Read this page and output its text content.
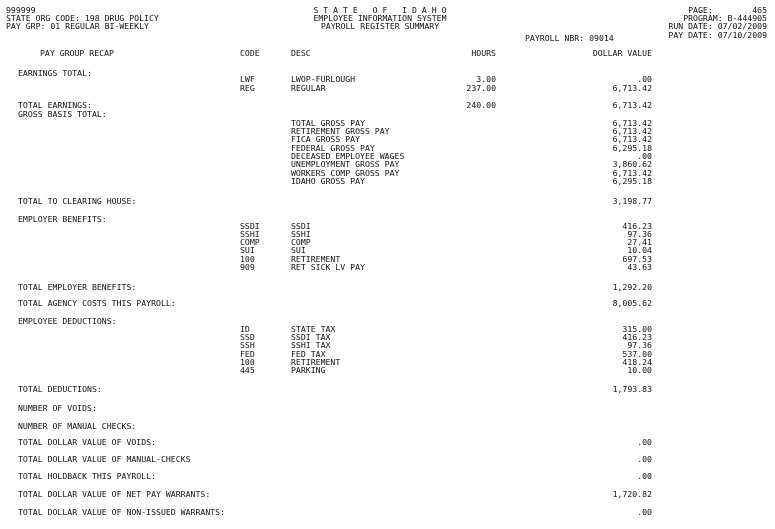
999999
STATE ORG CODE: 198 DRUG POLICY
PAY GRP: 01 REGULAR BI-WEEKLY
S T A T E   O F   I D A H O
EMPLOYEE INFORMATION SYSTEM
PAYROLL REGISTER SUMMARY
PAGE:        465
PROGRAM: B-444905
RUN DATE: 07/02/2009
PAY DATE: 07/10/2009
PAYROLL NBR: 09014
PAY GROUP RECAP	CODE	DESC	HOURS	DOLLAR VALUE
EARNINGS TOTAL:
LWF	LWOP-FURLOUGH	3.00	.00
REG	REGULAR	237.00	6,713.42
TOTAL EARNINGS:	240.00	6,713.42
GROSS BASIS TOTAL:
TOTAL GROSS PAY	6,713.42
RETIREMENT GROSS PAY	6,713.42
FICA GROSS PAY	6,713.42
FEDERAL GROSS PAY	6,295.18
DECEASED EMPLOYEE WAGES	.00
UNEMPLOYMENT GROSS PAY	3,860.62
WORKERS COMP GROSS PAY	6,713.42
IDAHO GROSS PAY	6,295.18
TOTAL TO CLEARING HOUSE:	3,198.77
EMPLOYER BENEFITS:
SSDI	SSDI	416.23
SSHI	SSHI	97.36
COMP	COMP	27.41
SUI	SUI	10.04
100	RETIREMENT	697.53
909	RET SICK LV PAY	43.63
TOTAL EMPLOYER BENEFITS:	1,292.20
TOTAL AGENCY COSTS THIS PAYROLL:	8,005.62
EMPLOYEE DEDUCTIONS:
ID	STATE TAX	315.00
SSD	SSDI TAX	416.23
SSH	SSHI TAX	97.36
FED	FED TAX	537.00
100	RETIREMENT	418.24
445	PARKING	10.00
TOTAL DEDUCTIONS:	1,793.83
NUMBER OF VOIDS:
NUMBER OF MANUAL CHECKS:
TOTAL DOLLAR VALUE OF VOIDS:	.00
TOTAL DOLLAR VALUE OF MANUAL-CHECKS	.00
TOTAL HOLDBACK THIS PAYROLL:	.00
TOTAL DOLLAR VALUE OF NET PAY WARRANTS:	1,720.82
TOTAL DOLLAR VALUE OF NON-ISSUED WARRANTS:	.00
